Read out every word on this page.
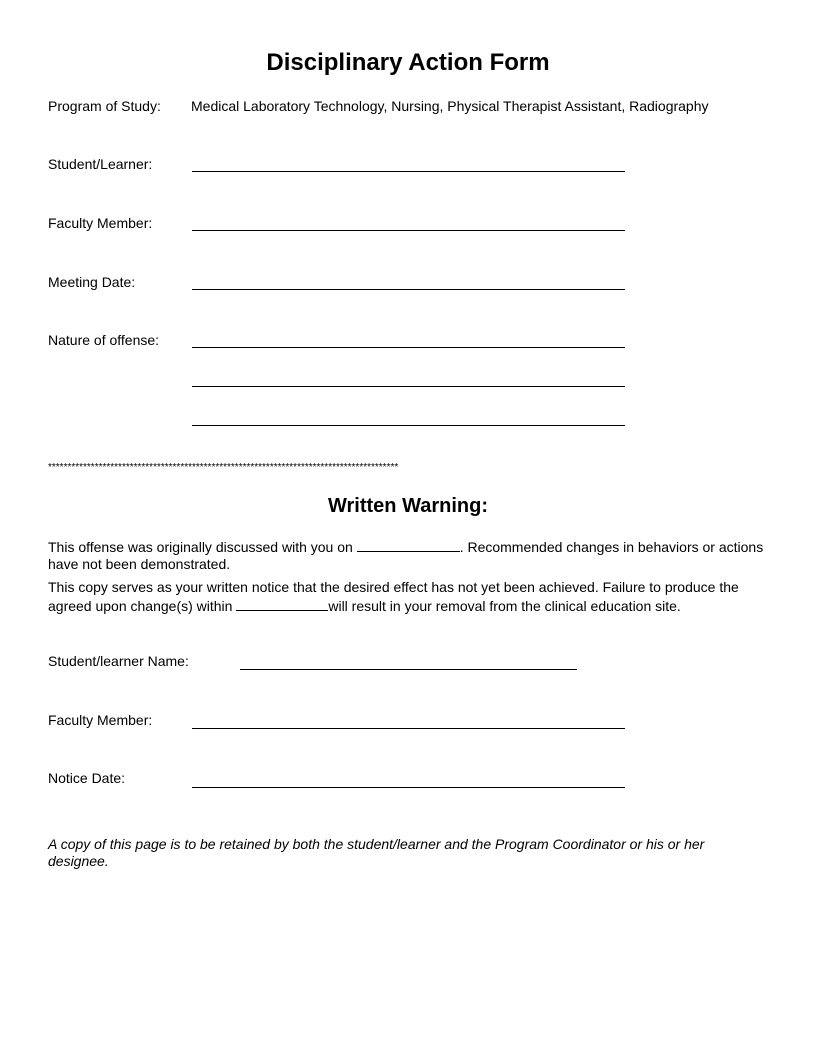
Disciplinary Action Form
Program of Study: Medical Laboratory Technology, Nursing, Physical Therapist Assistant, Radiography
Student/Learner:
Faculty Member:
Meeting Date:
Nature of offense:
******************************************************************************************
Written Warning:
This offense was originally discussed with you on	. Recommended changes in behaviors or actions have not been demonstrated.
This copy serves as your written notice that the desired effect has not yet been achieved. Failure to produce the agreed upon change(s) within	will result in your removal from the clinical education site.
Student/learner Name:
Faculty Member:
Notice Date:
A copy of this page is to be retained by both the student/learner and the Program Coordinator or his or her designee.
